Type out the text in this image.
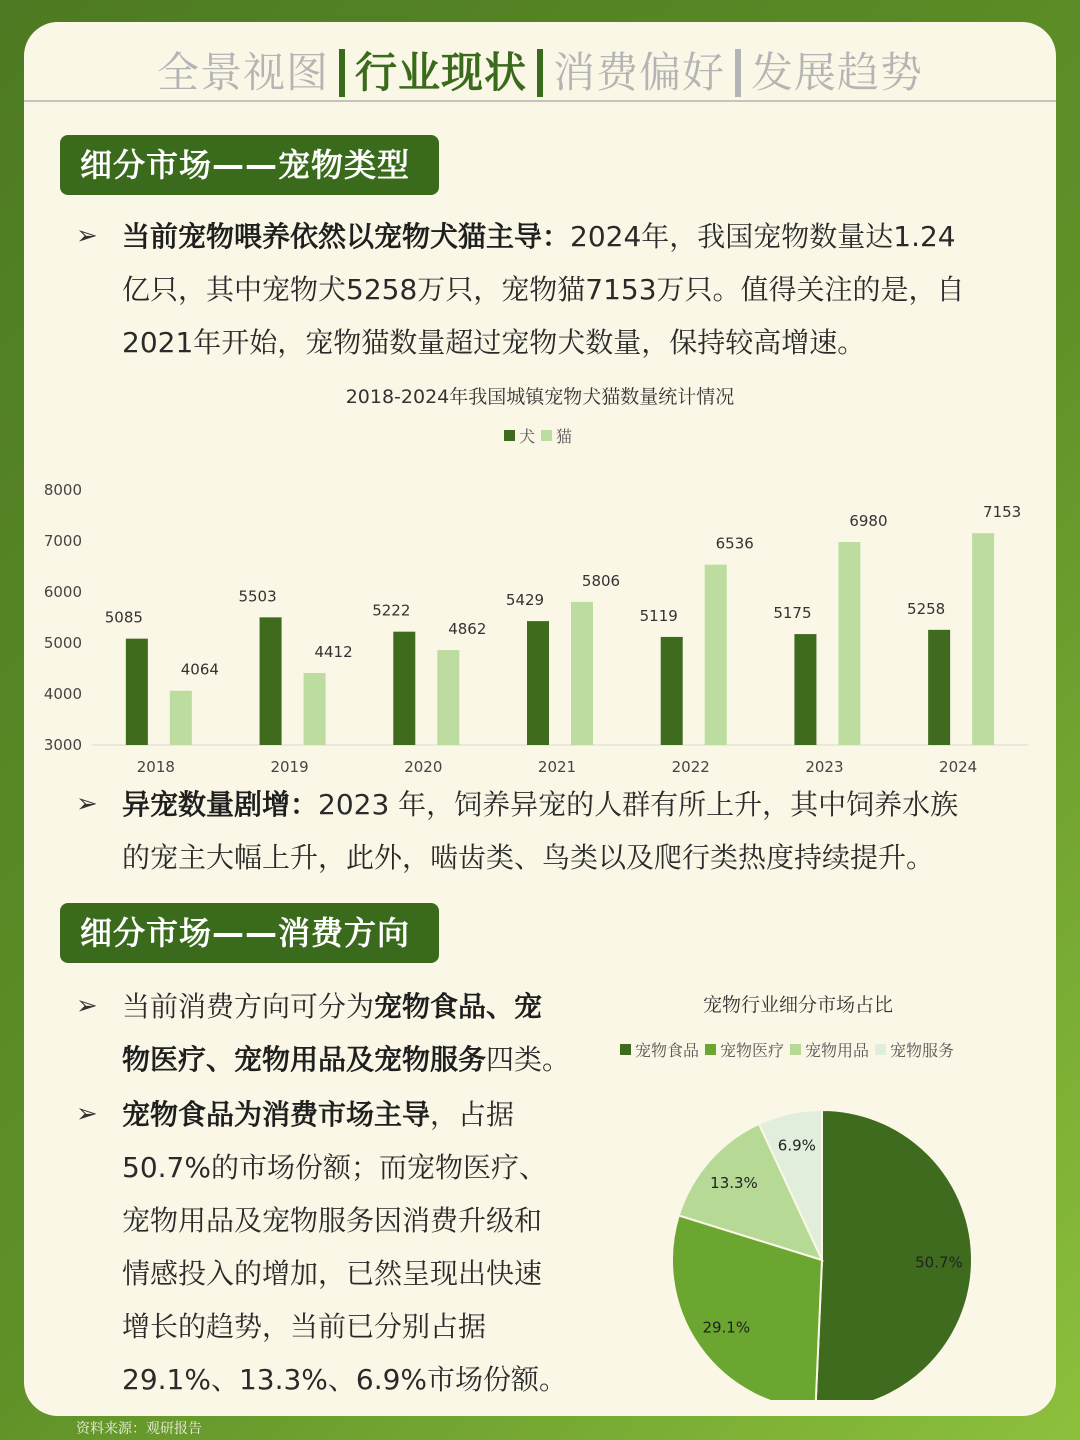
全景视图 行业现状 消费偏好 发展趋势
细分市场——宠物类型
➢ 当前宠物喂养依然以宠物犬猫主导：2024年，我国宠物数量达1.24
亿只，其中宠物犬5258万只，宠物猫7153万只。值得关注的是，自
2021年开始，宠物猫数量超过宠物犬数量，保持较高增速。
2018-2024年我国城镇宠物犬猫数量统计情况
犬 猫
3000
4000
5000
6000
7000
8000
5085
4064
2018
5503
4412
2019
5222
4862
2020
5429
5806
2021
5119
6536
2022
5175
6980
2023
5258
7153
2024
➢ 异宠数量剧增：2023 年，饲养异宠的人群有所上升，其中饲养水族
的宠主大幅上升，此外，啮齿类、鸟类以及爬行类热度持续提升。
细分市场——消费方向
➢ 当前消费方向可分为宠物食品、宠
物医疗、宠物用品及宠物服务四类。
➢ 宠物食品为消费市场主导，占据
50.7%的市场份额；而宠物医疗、
宠物用品及宠物服务因消费升级和
情感投入的增加，已然呈现出快速
增长的趋势，当前已分别占据
29.1%、13.3%、6.9%市场份额。
宠物行业细分市场占比
宠物食品 宠物医疗 宠物用品 宠物服务
50.7%
29.1%
13.3%
6.9%
资料来源：观研报告
